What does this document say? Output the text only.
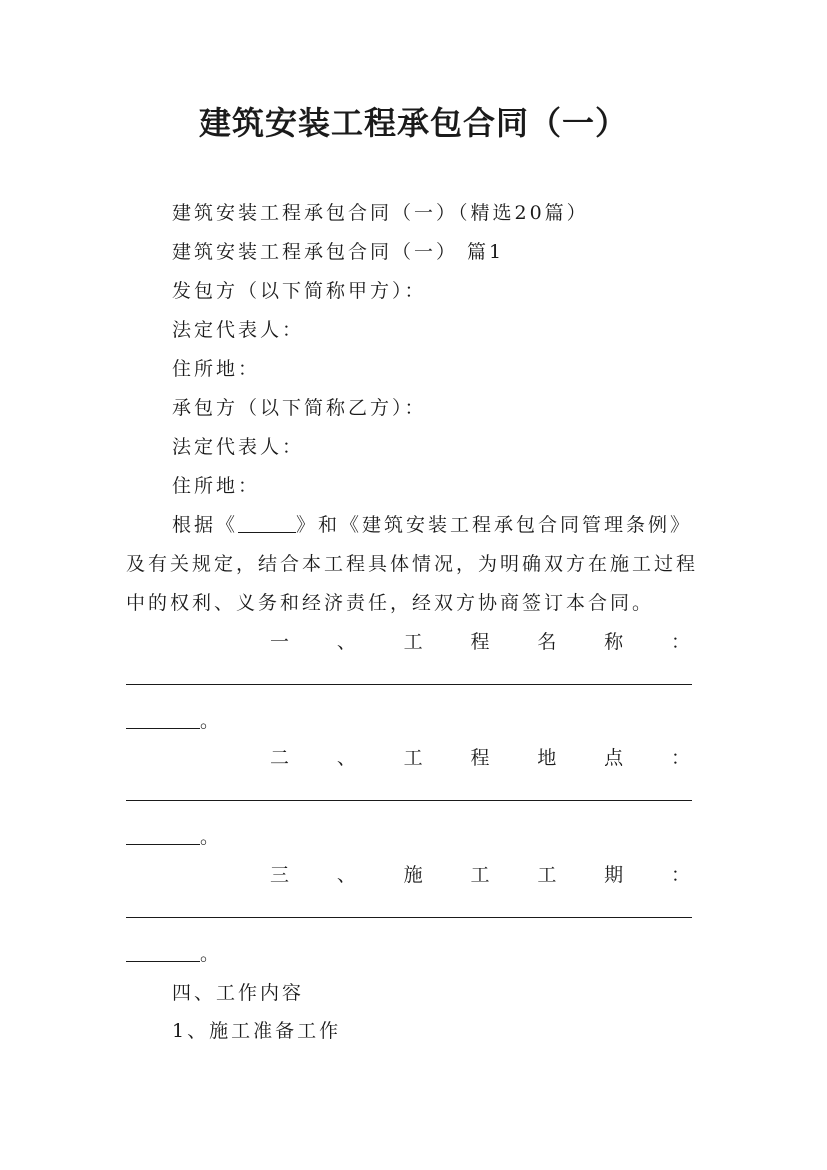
建筑安装工程承包合同（一）
建筑安装工程承包合同（一）（精选20篇）
建筑安装工程承包合同（一） 篇1
发包方（以下简称甲方）：
法定代表人：
住所地：
承包方（以下简称乙方）：
法定代表人：
住所地：
根据《	》和《建筑安装工程承包合同管理条例》
及有关规定，结合本工程具体情况，为明确双方在施工过程
中的权利、义务和经济责任，经双方协商签订本合同。
一	、	工	程	名	称	：
。
二	、	工	程	地	点	：
。
三	、	施	工	工	期	：
。
四、工作内容
1、施工准备工作
